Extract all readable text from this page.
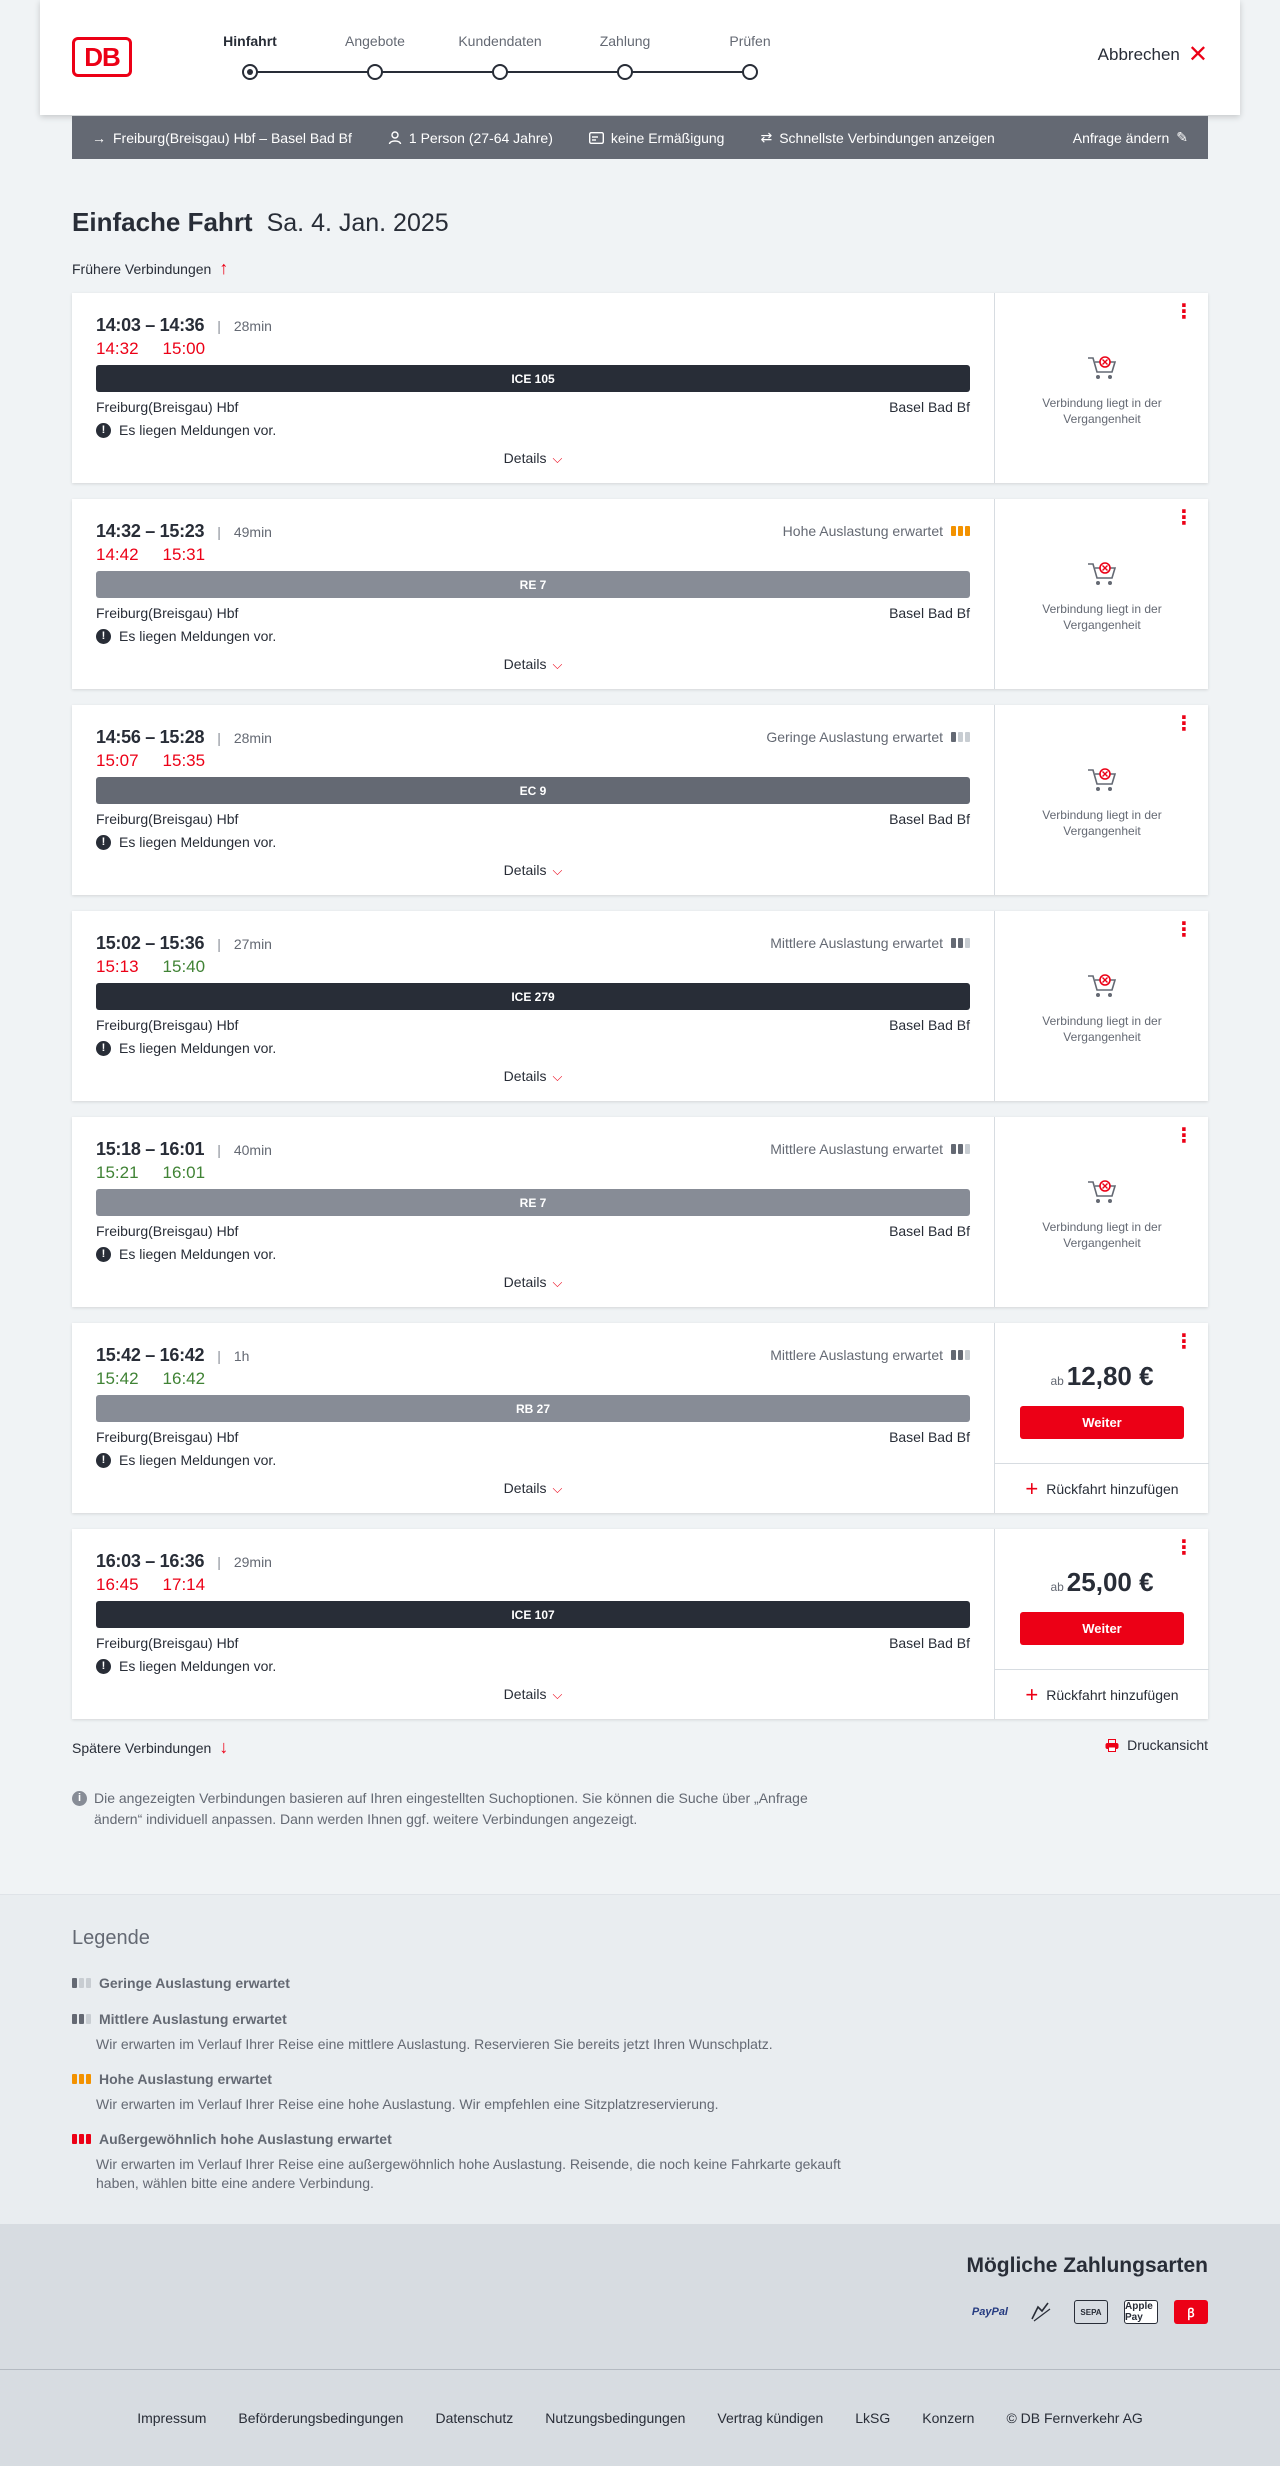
DB
Hinfahrt	Angebote	Kundendaten	Zahlung	Prüfen
Abbrechen ✕
→ Freiburg(Breisgau) Hbf – Basel Bad Bf	1 Person (27-64 Jahre)	keine Ermäßigung	⇄ Schnellste Verbindungen anzeigen	Anfrage ändern ✎
Einfache Fahrt Sa. 4. Jan. 2025
Frühere Verbindungen ↑
14:03 – 14:36 | 28min
14:32 15:00
ICE 105
Freiburg(Breisgau) Hbf	Basel Bad Bf
! Es liegen Meldungen vor.
Details ⌵
⋮
Verbindung liegt in der Vergangenheit
14:32 – 15:23 | 49min
14:42 15:31
Hohe Auslastung erwartet
RE 7
Freiburg(Breisgau) Hbf	Basel Bad Bf
! Es liegen Meldungen vor.
Details ⌵
⋮
Verbindung liegt in der Vergangenheit
14:56 – 15:28 | 28min
15:07 15:35
Geringe Auslastung erwartet
EC 9
Freiburg(Breisgau) Hbf	Basel Bad Bf
! Es liegen Meldungen vor.
Details ⌵
⋮
Verbindung liegt in der Vergangenheit
15:02 – 15:36 | 27min
15:13 15:40
Mittlere Auslastung erwartet
ICE 279
Freiburg(Breisgau) Hbf	Basel Bad Bf
! Es liegen Meldungen vor.
Details ⌵
⋮
Verbindung liegt in der Vergangenheit
15:18 – 16:01 | 40min
15:21 16:01
Mittlere Auslastung erwartet
RE 7
Freiburg(Breisgau) Hbf	Basel Bad Bf
! Es liegen Meldungen vor.
Details ⌵
⋮
Verbindung liegt in der Vergangenheit
15:42 – 16:42 | 1h
15:42 16:42
Mittlere Auslastung erwartet
RB 27
Freiburg(Breisgau) Hbf	Basel Bad Bf
! Es liegen Meldungen vor.
Details ⌵
⋮
ab 12,80 €
Weiter
+ Rückfahrt hinzufügen
16:03 – 16:36 | 29min
16:45 17:14
ICE 107
Freiburg(Breisgau) Hbf	Basel Bad Bf
! Es liegen Meldungen vor.
Details ⌵
⋮
ab 25,00 €
Weiter
+ Rückfahrt hinzufügen
Spätere Verbindungen ↓	Druckansicht
i Die angezeigten Verbindungen basieren auf Ihren eingestellten Suchoptionen. Sie können die Suche über „Anfrage ändern“ individuell anpassen. Dann werden Ihnen ggf. weitere Verbindungen angezeigt.
Legende
Geringe Auslastung erwartet
Mittlere Auslastung erwartet
Wir erwarten im Verlauf Ihrer Reise eine mittlere Auslastung. Reservieren Sie bereits jetzt Ihren Wunschplatz.
Hohe Auslastung erwartet
Wir erwarten im Verlauf Ihrer Reise eine hohe Auslastung. Wir empfehlen eine Sitzplatzreservierung.
Außergewöhnlich hohe Auslastung erwartet
Wir erwarten im Verlauf Ihrer Reise eine außergewöhnlich hohe Auslastung. Reisende, die noch keine Fahrkarte gekauft haben, wählen bitte eine andere Verbindung.
Mögliche Zahlungsarten
PayPal	SEPA	Apple Pay	ꞵ
Impressum Beförderungsbedingungen Datenschutz Nutzungsbedingungen Vertrag kündigen LkSG Konzern © DB Fernverkehr AG
